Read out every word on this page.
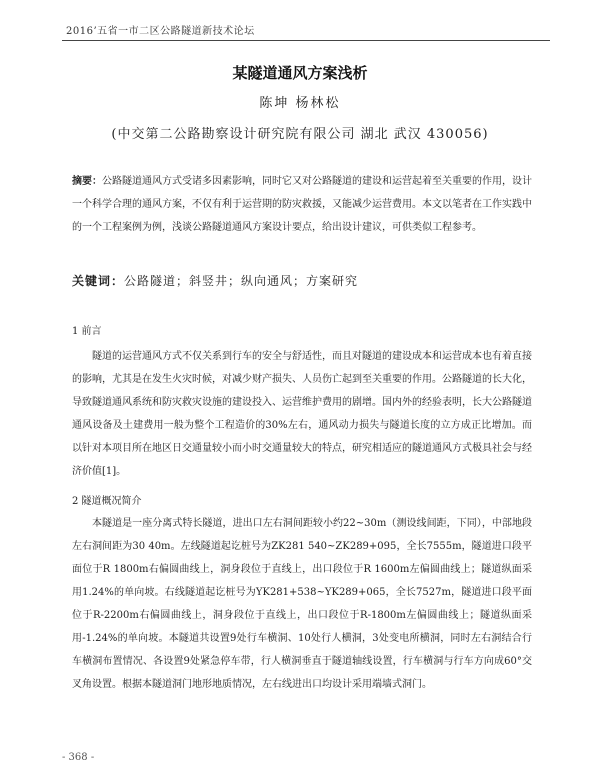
2016’五省一市二区公路隧道新技术论坛
某隧道通风方案浅析
陈坤 杨林松
(中交第二公路勘察设计研究院有限公司 湖北 武汉 430056)
摘要：公路隧道通风方式受诸多因素影响，同时它又对公路隧道的建设和运营起着至关重要的作用，设计一个科学合理的通风方案，不仅有利于运营期的防灾救援，又能减少运营费用。本文以笔者在工作实践中的一个工程案例为例，浅谈公路隧道通风方案设计要点，给出设计建议，可供类似工程参考。
关键词：公路隧道；斜竖井；纵向通风；方案研究
1 前言
隧道的运营通风方式不仅关系到行车的安全与舒适性，而且对隧道的建设成本和运营成本也有着直接的影响，尤其是在发生火灾时候，对减少财产损失、人员伤亡起到至关重要的作用。公路隧道的长大化，导致隧道通风系统和防灾救灾设施的建设投入、运营维护费用的剧增。国内外的经验表明，长大公路隧道通风设备及土建费用一般为整个工程造价的30%左右，通风动力损失与隧道长度的立方成正比增加。而以针对本项目所在地区日交通量较小而小时交通量较大的特点，研究相适应的隧道通风方式极具社会与经济价值[1]。
2 隧道概况简介
本隧道是一座分离式特长隧道，进出口左右洞间距较小约22~30m（测设线间距，下同），中部地段左右洞间距为30 40m。左线隧道起讫桩号为ZK281 540~ZK289+095，全长7555m，隧道进口段平面位于R 1800m右偏圆曲线上，洞身段位于直线上，出口段位于R 1600m左偏圆曲线上；隧道纵面采用1.24%的单向坡。右线隧道起讫桩号为YK281+538~YK289+065，全长7527m，隧道进口段平面位于R-2200m右偏圆曲线上，洞身段位于直线上，出口段位于R-1800m左偏圆曲线上；隧道纵面采用-1.24%的单向坡。本隧道共设置9处行车横洞、10处行人横洞，3处变电所横洞，同时左右洞结合行车横洞布置情况、各设置9处紧急停车带，行人横洞垂直于隧道轴线设置，行车横洞与行车方向成60°交叉角设置。根据本隧道洞门地形地质情况，左右线进出口均设计采用端墙式洞门。
- 368 -
